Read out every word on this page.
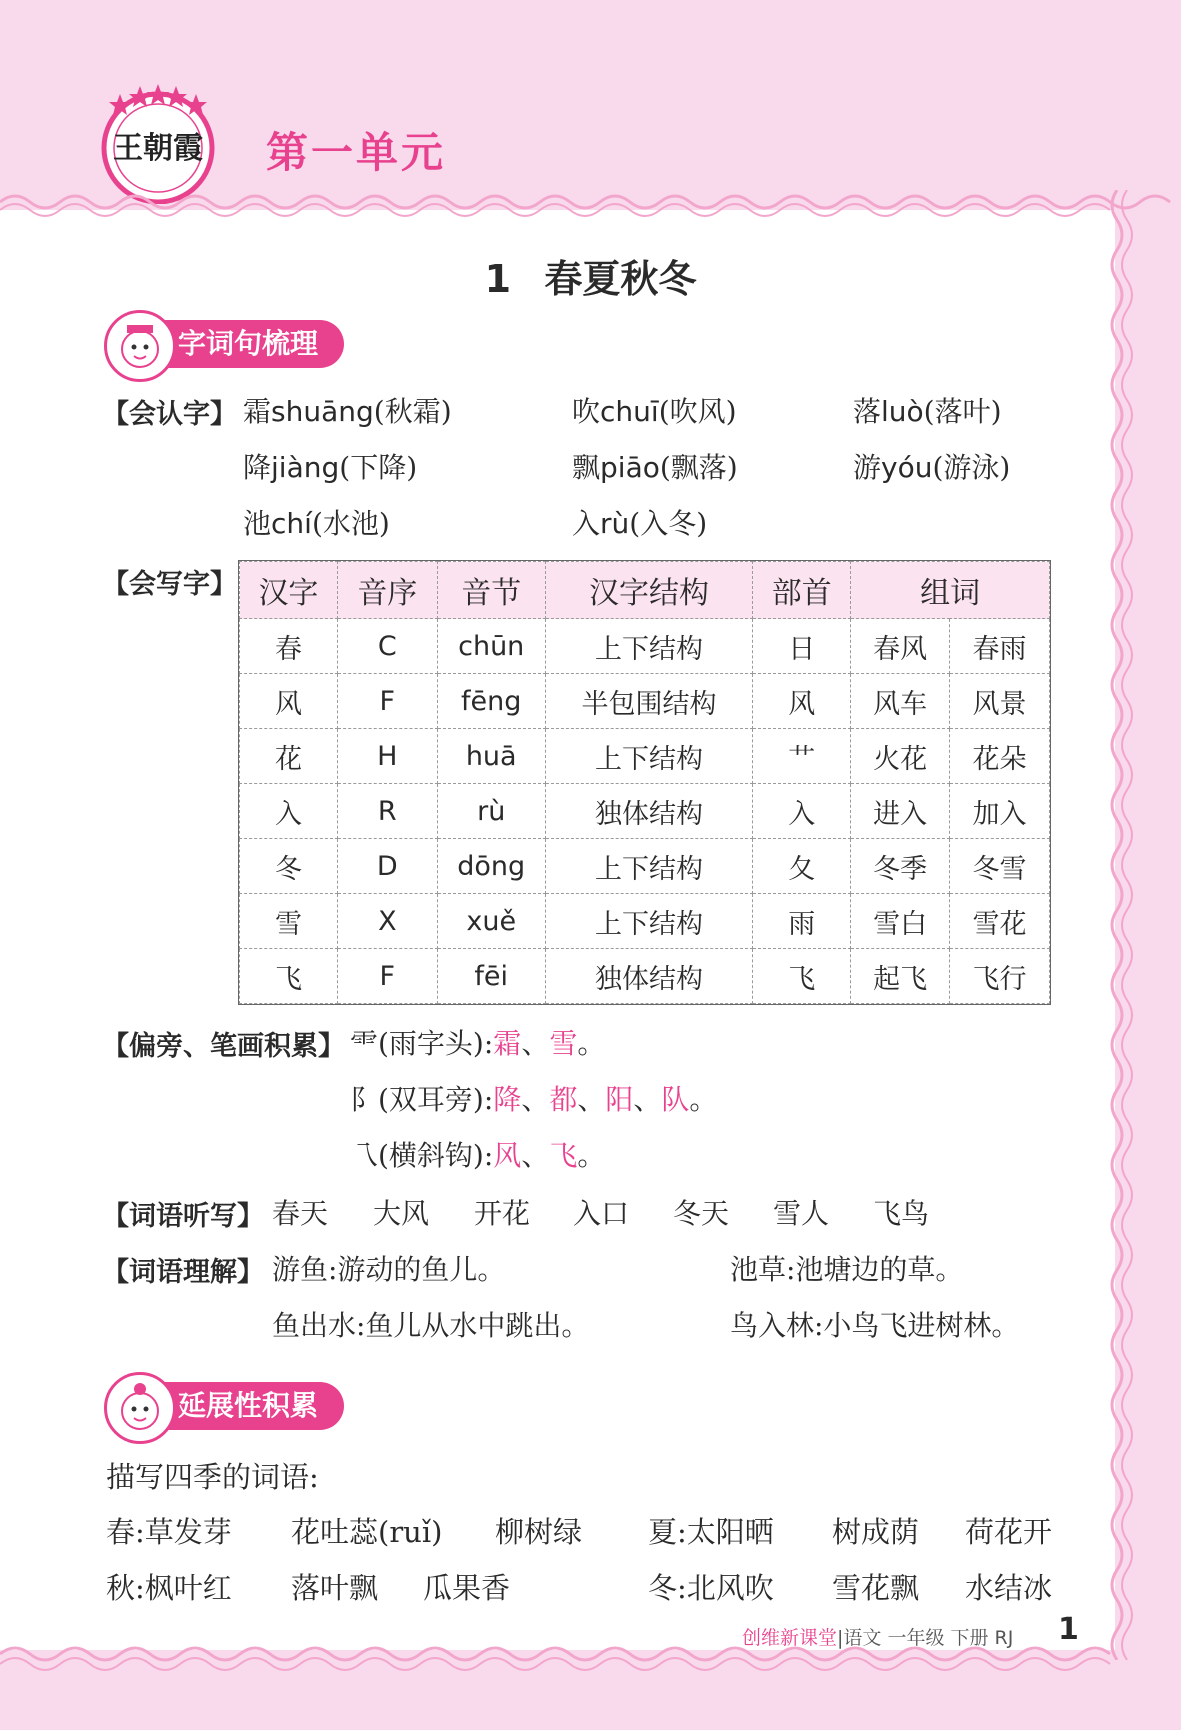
王朝霞 第一单元
1 春夏秋冬
字词句梳理
【会认字】 霜shuāng(秋霜)	吹chuī(吹风)	落luò(落叶)
降jiàng(下降)	飘piāo(飘落)	游yóu(游泳)
池chí(水池)	入rù(入冬)
【会写字】 汉字	音序	音节	汉字结构	部首	组词	
春	C	chūn	上下结构	日	春风	春雨
风	F	fēng	半包围结构	风	风车	风景
花	H	huā	上下结构	艹	火花	花朵
入	R	rù	独体结构	入	进入	加入
冬	D	dōng	上下结构	夂	冬季	冬雪
雪	X	xuě	上下结构	雨	雪白	雪花
飞	F	fēi	独体结构	飞	起飞	飞行
【偏旁、笔画积累】 ⻗(雨字头):霜、雪。
阝(双耳旁):降、都、阳、队。
乁(横斜钩):风、飞。
【词语听写】 春天 大风 开花 入口 冬天 雪人 飞鸟
【词语理解】 游鱼:游动的鱼儿。	池草:池塘边的草。
鱼出水:鱼儿从水中跳出。	鸟入林:小鸟飞进树林。
延展性积累
描写四季的词语:
春:草发芽 花吐蕊(ruǐ) 柳树绿 夏:太阳晒 树成荫 荷花开
秋:枫叶红 落叶飘 瓜果香	冬:北风吹 雪花飘 水结冰
创维新课堂|语文 一年级 下册 RJ 1
